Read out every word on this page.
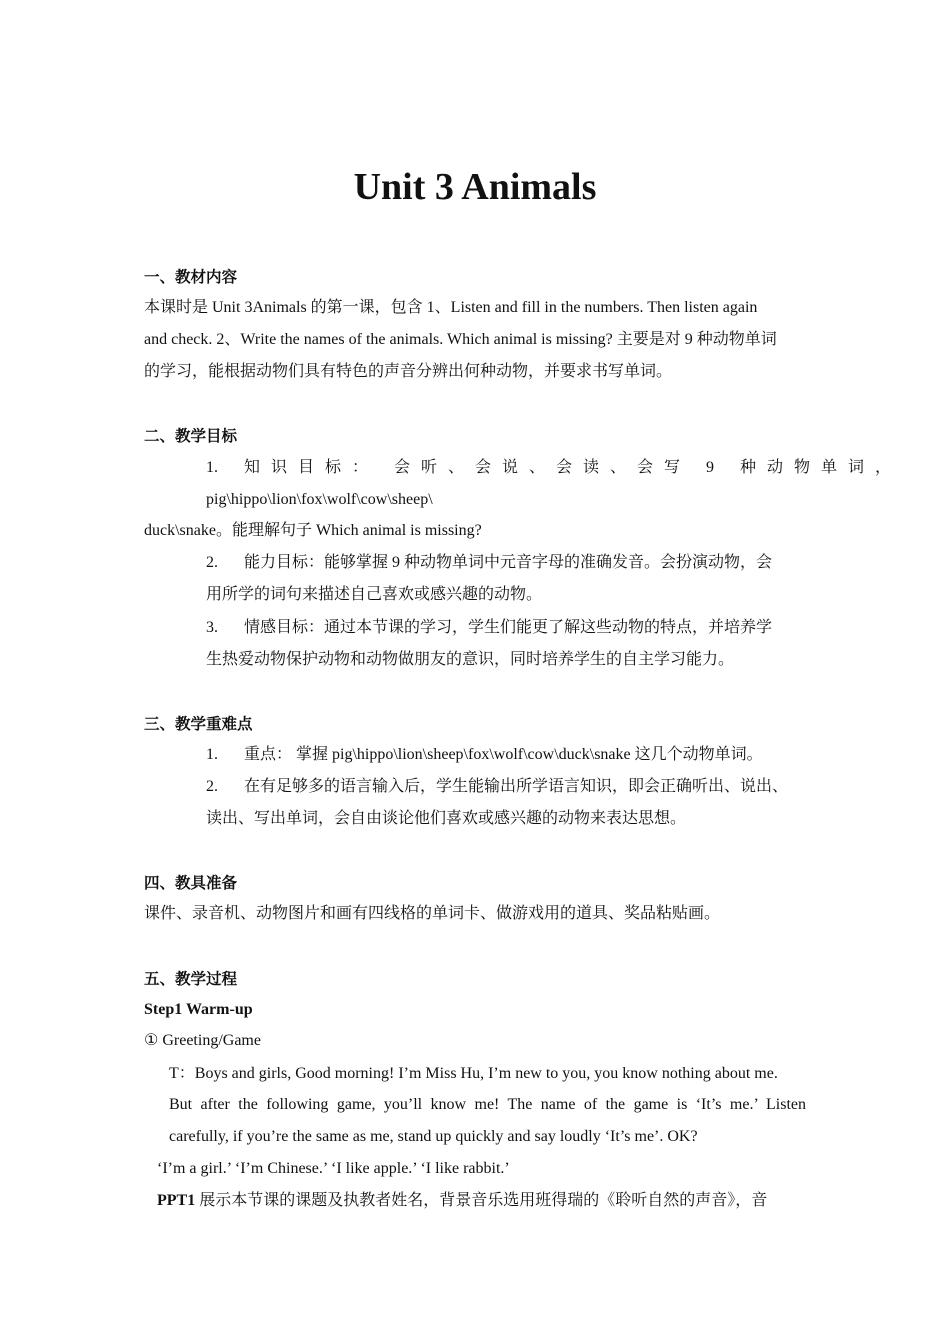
Unit 3 Animals
一、教材内容
本课时是 Unit 3Animals 的第一课，包含 1、Listen and fill in the numbers. Then listen again
and check. 2、Write the names of the animals. Which animal is missing? 主要是对 9 种动物单词
的学习，能根据动物们具有特色的声音分辨出何种动物，并要求书写单词。
二、教学目标
1. 知识目标： 会听、会说、会读、会写 9 种动物单词，
pig\hippo\lion\fox\wolf\cow\sheep\
duck\snake。能理解句子 Which animal is missing?
2. 能力目标：能够掌握 9 种动物单词中元音字母的准确发音。会扮演动物，会
用所学的词句来描述自己喜欢或感兴趣的动物。
3. 情感目标：通过本节课的学习，学生们能更了解这些动物的特点，并培养学
生热爱动物保护动物和动物做朋友的意识，同时培养学生的自主学习能力。
三、教学重难点
1. 重点： 掌握 pig\hippo\lion\sheep\fox\wolf\cow\duck\snake 这几个动物单词。
2. 在有足够多的语言输入后，学生能输出所学语言知识，即会正确听出、说出、
读出、写出单词，会自由谈论他们喜欢或感兴趣的动物来表达思想。
四、教具准备
课件、录音机、动物图片和画有四线格的单词卡、做游戏用的道具、奖品粘贴画。
五、教学过程
Step1 Warm-up
① Greeting/Game
T：Boys and girls, Good morning! I’m Miss Hu, I’m new to you, you know nothing about me.
But after the following game, you’ll know me! The name of the game is ‘It’s me.’ Listen
carefully, if you’re the same as me, stand up quickly and say loudly ‘It’s me’. OK?
‘I’m a girl.’ ‘I’m Chinese.’ ‘I like apple.’ ‘I like rabbit.’
PPT1 展示本节课的课题及执教者姓名，背景音乐选用班得瑞的《聆听自然的声音》，音
